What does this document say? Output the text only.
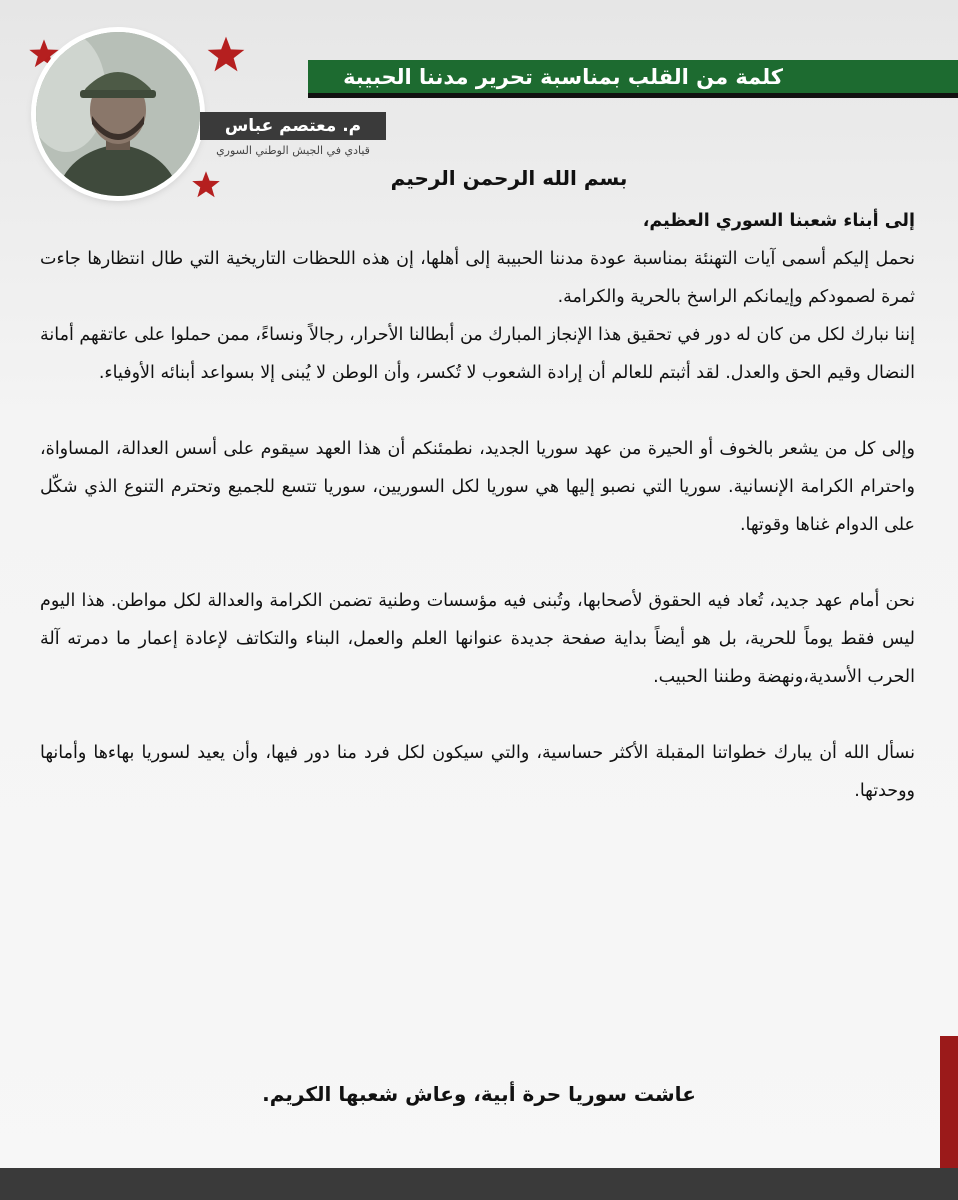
كلمة من القلب بمناسبة تحرير مدننا الحبيبة
م. معتصم عباس
قيادي في الجيش الوطني السوري
بسم الله الرحمن الرحيم

إلى أبناء شعبنا السوري العظيم،

نحمل إليكم أسمى آيات التهنئة بمناسبة عودة مدننا الحبيبة إلى أهلها، إن هذه اللحظات التاريخية التي طال انتظارها جاءت ثمرة لصمودكم وإيمانكم الراسخ بالحرية والكرامة.

إننا نبارك لكل من كان له دور في تحقيق هذا الإنجاز المبارك من أبطالنا الأحرار، رجالاً ونساءً، ممن حملوا على عاتقهم أمانة النضال وقيم الحق والعدل. لقد أثبتم للعالم أن إرادة الشعوب لا تُكسر، وأن الوطن لا يُبنى إلا بسواعد أبنائه الأوفياء.

وإلى كل من يشعر بالخوف أو الحيرة من عهد سوريا الجديد، نطمئنكم أن هذا العهد سيقوم على أسس العدالة، المساواة، واحترام الكرامة الإنسانية. سوريا التي نصبو إليها هي سوريا لكل السوريين، سوريا تتسع للجميع وتحترم التنوع الذي شكّل على الدوام غناها وقوتها.

نحن أمام عهد جديد، تُعاد فيه الحقوق لأصحابها، وتُبنى فيه مؤسسات وطنية تضمن الكرامة والعدالة لكل مواطن. هذا اليوم ليس فقط يوماً للحرية، بل هو أيضاً بداية صفحة جديدة عنوانها العلم والعمل، البناء والتكاتف لإعادة إعمار ما دمرته آلة الحرب الأسدية،ونهضة وطننا الحبيب.

نسأل الله أن يبارك خطواتنا المقبلة الأكثر حساسية، والتي سيكون لكل فرد منا دور فيها، وأن يعيد لسوريا بهاءها وأمانها ووحدتها.

عاشت سوريا حرة أبية، وعاش شعبها الكريم.
